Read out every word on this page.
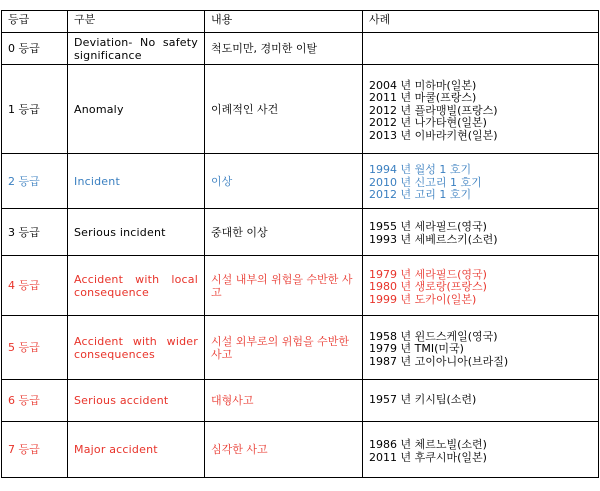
등급	구분	내용	사례
0 등급	Deviation- No safety significance	척도미만, 경미한 이탈	
1 등급	Anomaly	이례적인 사건	2004 년 미하마(일본)
2011 년 마쿨(프랑스)
2012 년 플라맹빌(프랑스)
2012 년 나가타현(일본)
2013 년 이바라키현(일본)

2 등급	Incident	이상	1994 년 월성 1 호기
2010 년 신고리 1 호기
2012 년 고리 1 호기

3 등급	Serious incident	중대한 이상	1955 년 세라필드(영국)
1993 년 세베르스키(소련)

4 등급	Accident with local consequence	시설 내부의 위험을 수반한 사고	1979 년 세라필드(영국)
1980 년 생로랑(프랑스)
1999 년 도카이(일본)

5 등급	Accident with wider consequences	시설 외부로의 위험을 수반한 사고	1958 년 윈드스케일(영국)
1979 년 TMI(미국)
1987 년 고이아니아(브라질)

6 등급	Serious accident	대형사고	1957 년 키시팀(소련)

7 등급	Major accident	심각한 사고	1986 년 체르노빌(소련)
2011 년 후쿠시마(일본)
